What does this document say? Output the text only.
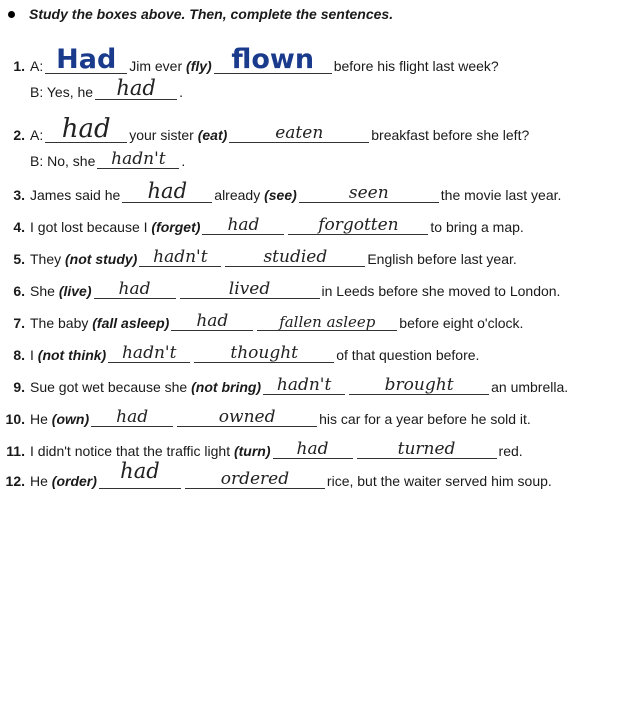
Study the boxes above. Then, complete the sentences.
1. A: Had Jim ever
(fly) flown	before his flight last week?
B: Yes, he	had	.
2. A: had	your sister
(eat)	eaten	breakfast before she left?
B: No, she hadn't	.
3. James said he	had	already
(see)	seen	the movie last year.
4. I got lost because I
(forget)	had	forgotten	to bring a map.
5. They
(not study) hadn't	studied	English before last year.
6. She
(live)	had	lived	in Leeds before she moved to London.
7. The baby
(fall asleep)	had	fallen asleep	before eight o'clock.
8. I
(not think) hadn't	thought	of that question before.
9. Sue got wet because she
(not bring) hadn't	brought	an umbrella.
10. He
(own)	had	owned	his car for a year before he sold it.
11. I didn't notice that the traffic light
(turn)	had	turned	red.
12. He
(order)	had	ordered	rice, but the waiter served him soup.
